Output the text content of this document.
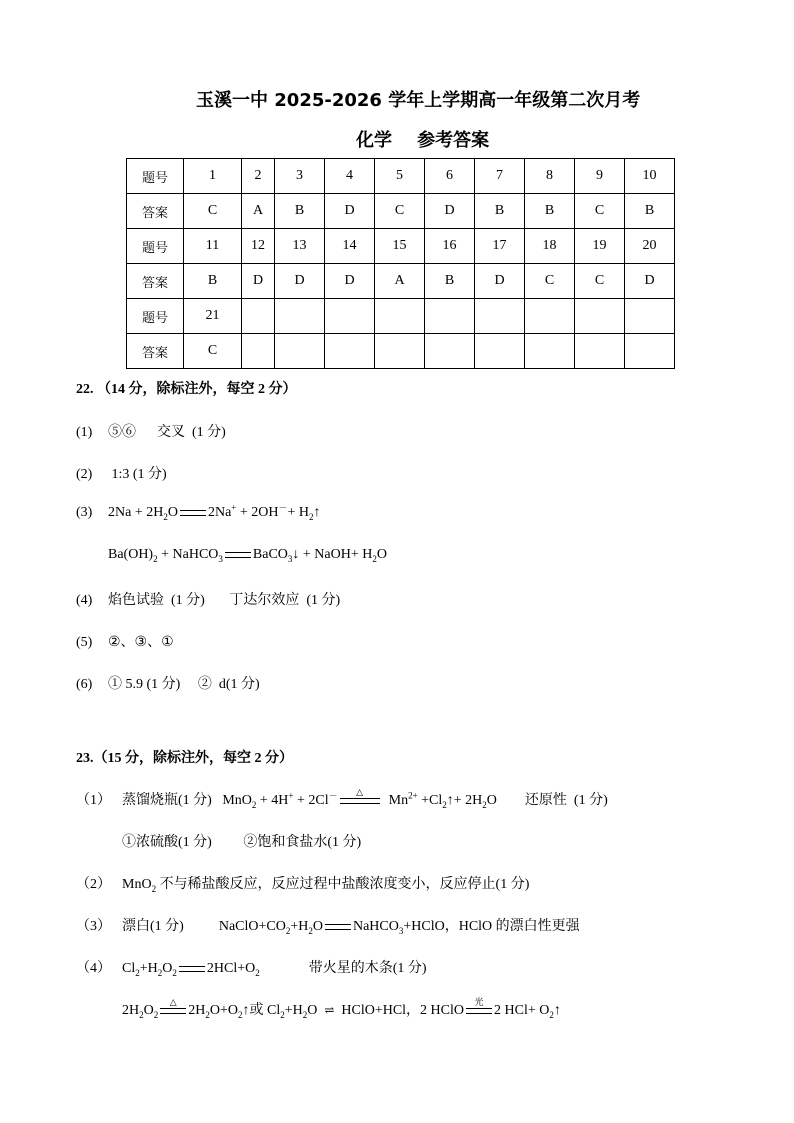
玉溪一中 2025-2026 学年上学期高一年级第二次月考
化学    参考答案
题号	1	2	3	4	5	6	7	8	9	10
答案	C	A	B	D	C	D	B	B	C	B
题号	11	12	13	14	15	16	17	18	19	20
答案	B	D	D	D	A	B	D	C	C	D
题号	21									
答案	C									
22. （14 分，除标注外，每空 2 分）
(1) ⑤⑥ 交叉  (1 分)
(2) 1:3 (1 分)
(3) $2Na + 2H_2O$ $2Na^+ + 2OH^-+ H_2↑$
$Ba(OH)_2$ + NaHCO$_3$ BaCO$_3$↓ + NaOH+ $H_2O$
(4) 焰色试验  (1 分) 丁达尔效应  (1 分)
(5) ②、③、①
(6) ① 5.9 (1 分) ②  d(1 分)
23.（15 分，除标注外，每空 2 分）
（1） 蒸馏烧瓶(1 分) MnO$_2$ + 4H+ + 2Cl－	△
$Mn^{2+}$ $+Cl_2↑+ 2H_2O$ 还原性  (1 分)
①浓硫酸(1 分) ②饱和食盐水(1 分)
（2） MnO$_2$ 不与稀盐酸反应，反应过程中盐酸浓度变小，反应停止(1 分)
（3） 漂白(1 分)	$NaClO+CO_2+H_2O$ NaHCO$_3$+HClO，HClO 的漂白性更强
（4） $Cl_2+H_2O_2$ $2HCl+O_2$	带火星的木条(1 分)
$2H_2O_2$
△
$2H_2O+O_2↑$或 $Cl_2+H_2O$ ⇌ HClO+HCl，2 HClO
光
2 $HCl+ O_2↑$
